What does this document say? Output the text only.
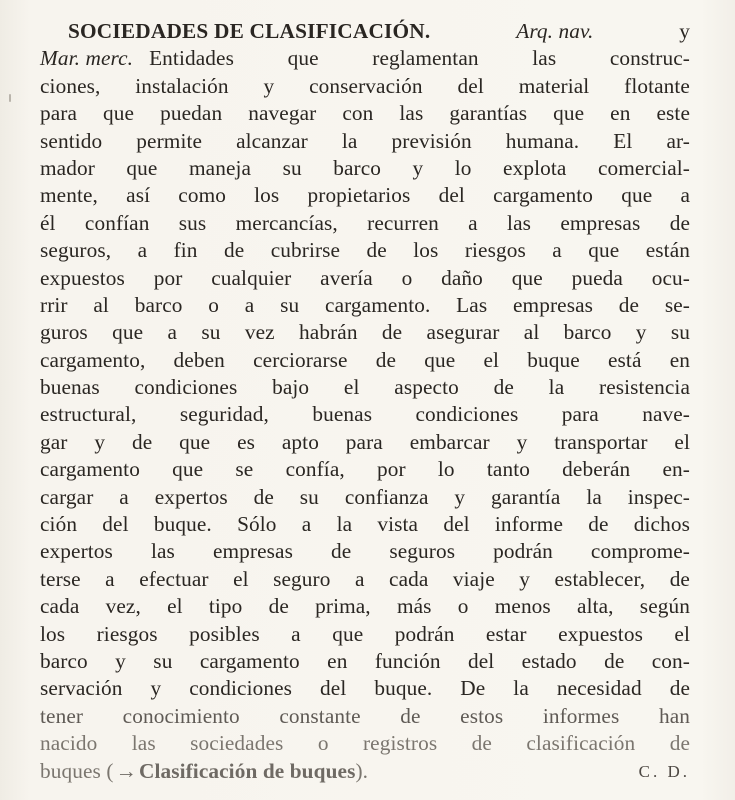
SOCIEDADES DE CLASIFICACIÓN.	Arq. nav.	y
Mar. merc. Entidades que reglamentan las construc-
ciones, instalación y conservación del material flotante
para que puedan navegar con las garantías que en este
sentido permite alcanzar la previsión humana. El ar-
mador que maneja su barco y lo explota comercial-
mente, así como los propietarios del cargamento que a
él confían sus mercancías, recurren a las empresas de
seguros, a fin de cubrirse de los riesgos a que están
expuestos por cualquier avería o daño que pueda ocu-
rrir al barco o a su cargamento. Las empresas de se-
guros que a su vez habrán de asegurar al barco y su
cargamento, deben cerciorarse de que el buque está en
buenas condiciones bajo el aspecto de la resistencia
estructural, seguridad, buenas condiciones para nave-
gar y de que es apto para embarcar y transportar el
cargamento que se confía, por lo tanto deberán en-
cargar a expertos de su confianza y garantía la inspec-
ción del buque. Sólo a la vista del informe de dichos
expertos las empresas de seguros podrán comprome-
terse a efectuar el seguro a cada viaje y establecer, de
cada vez, el tipo de prima, más o menos alta, según
los riesgos posibles a que podrán estar expuestos el
barco y su cargamento en función del estado de con-
servación y condiciones del buque. De la necesidad de
tener conocimiento constante de estos informes han
nacido las sociedades o registros de clasificación de
buques ( → Clasificación de buques ).	C. D.
